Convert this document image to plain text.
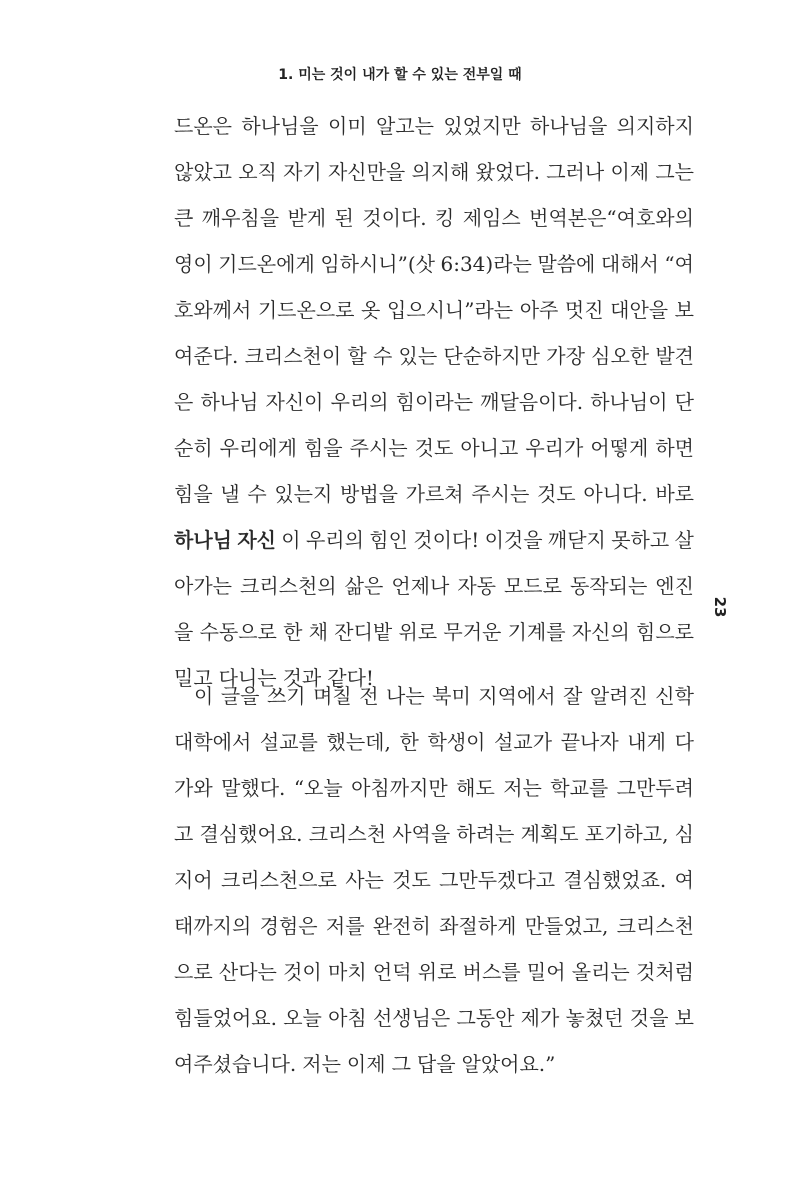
1. 미는 것이 내가 할 수 있는 전부일 때
드온은 하나님을 이미 알고는 있었지만 하나님을 의지하지
않았고 오직 자기 자신만을 의지해 왔었다. 그러나 이제 그는
큰 깨우침을 받게 된 것이다. 킹 제임스 번역본은“여호와의
영이 기드온에게 임하시니”(삿 6:34)라는 말씀에 대해서 “여
호와께서 기드온으로 옷 입으시니”라는 아주 멋진 대안을 보
여준다. 크리스천이 할 수 있는 단순하지만 가장 심오한 발견
은 하나님 자신이 우리의 힘이라는 깨달음이다. 하나님이 단
순히 우리에게 힘을 주시는 것도 아니고 우리가 어떻게 하면
힘을 낼 수 있는지 방법을 가르쳐 주시는 것도 아니다. 바로
하나님 자신 이 우리의 힘인 것이다! 이것을 깨닫지 못하고 살
아가는 크리스천의 삶은 언제나 자동 모드로 동작되는 엔진
을 수동으로 한 채 잔디밭 위로 무거운 기계를 자신의 힘으로
밀고 다니는 것과 같다!
이 글을 쓰기 며칠 전 나는 북미 지역에서 잘 알려진 신학
대학에서 설교를 했는데, 한 학생이 설교가 끝나자 내게 다
가와 말했다. “오늘 아침까지만 해도 저는 학교를 그만두려
고 결심했어요. 크리스천 사역을 하려는 계획도 포기하고, 심
지어 크리스천으로 사는 것도 그만두겠다고 결심했었죠. 여
태까지의 경험은 저를 완전히 좌절하게 만들었고, 크리스천
으로 산다는 것이 마치 언덕 위로 버스를 밀어 올리는 것처럼
힘들었어요. 오늘 아침 선생님은 그동안 제가 놓쳤던 것을 보
여주셨습니다. 저는 이제 그 답을 알았어요.”
23
